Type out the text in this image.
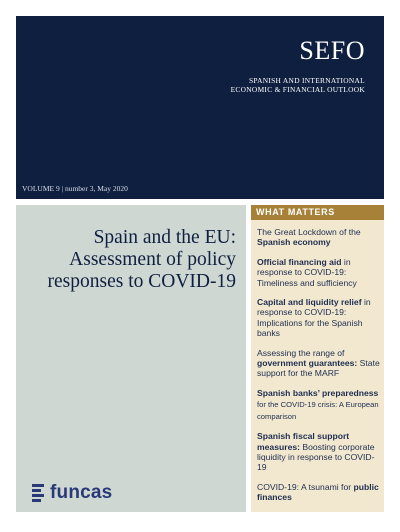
SEFO
SPANISH AND INTERNATIONAL
ECONOMIC & FINANCIAL OUTLOOK
VOLUME 9 | number 3, May 2020
Spain and the EU:
Assessment of policy
responses to COVID-19
funcas
WHAT MATTERS
The Great Lockdown of the Spanish economy
Official financing aid in response to COVID-19: Timeliness and sufficiency
Capital and liquidity relief in response to COVID-19: Implications for the Spanish banks
Assessing the range of government guarantees: State support for the MARF
Spanish banks’ preparedness for the COVID-19 crisis: A European comparison
Spanish fiscal support measures: Boosting corporate liquidity in response to COVID-19
COVID-19: A tsunami for public finances
